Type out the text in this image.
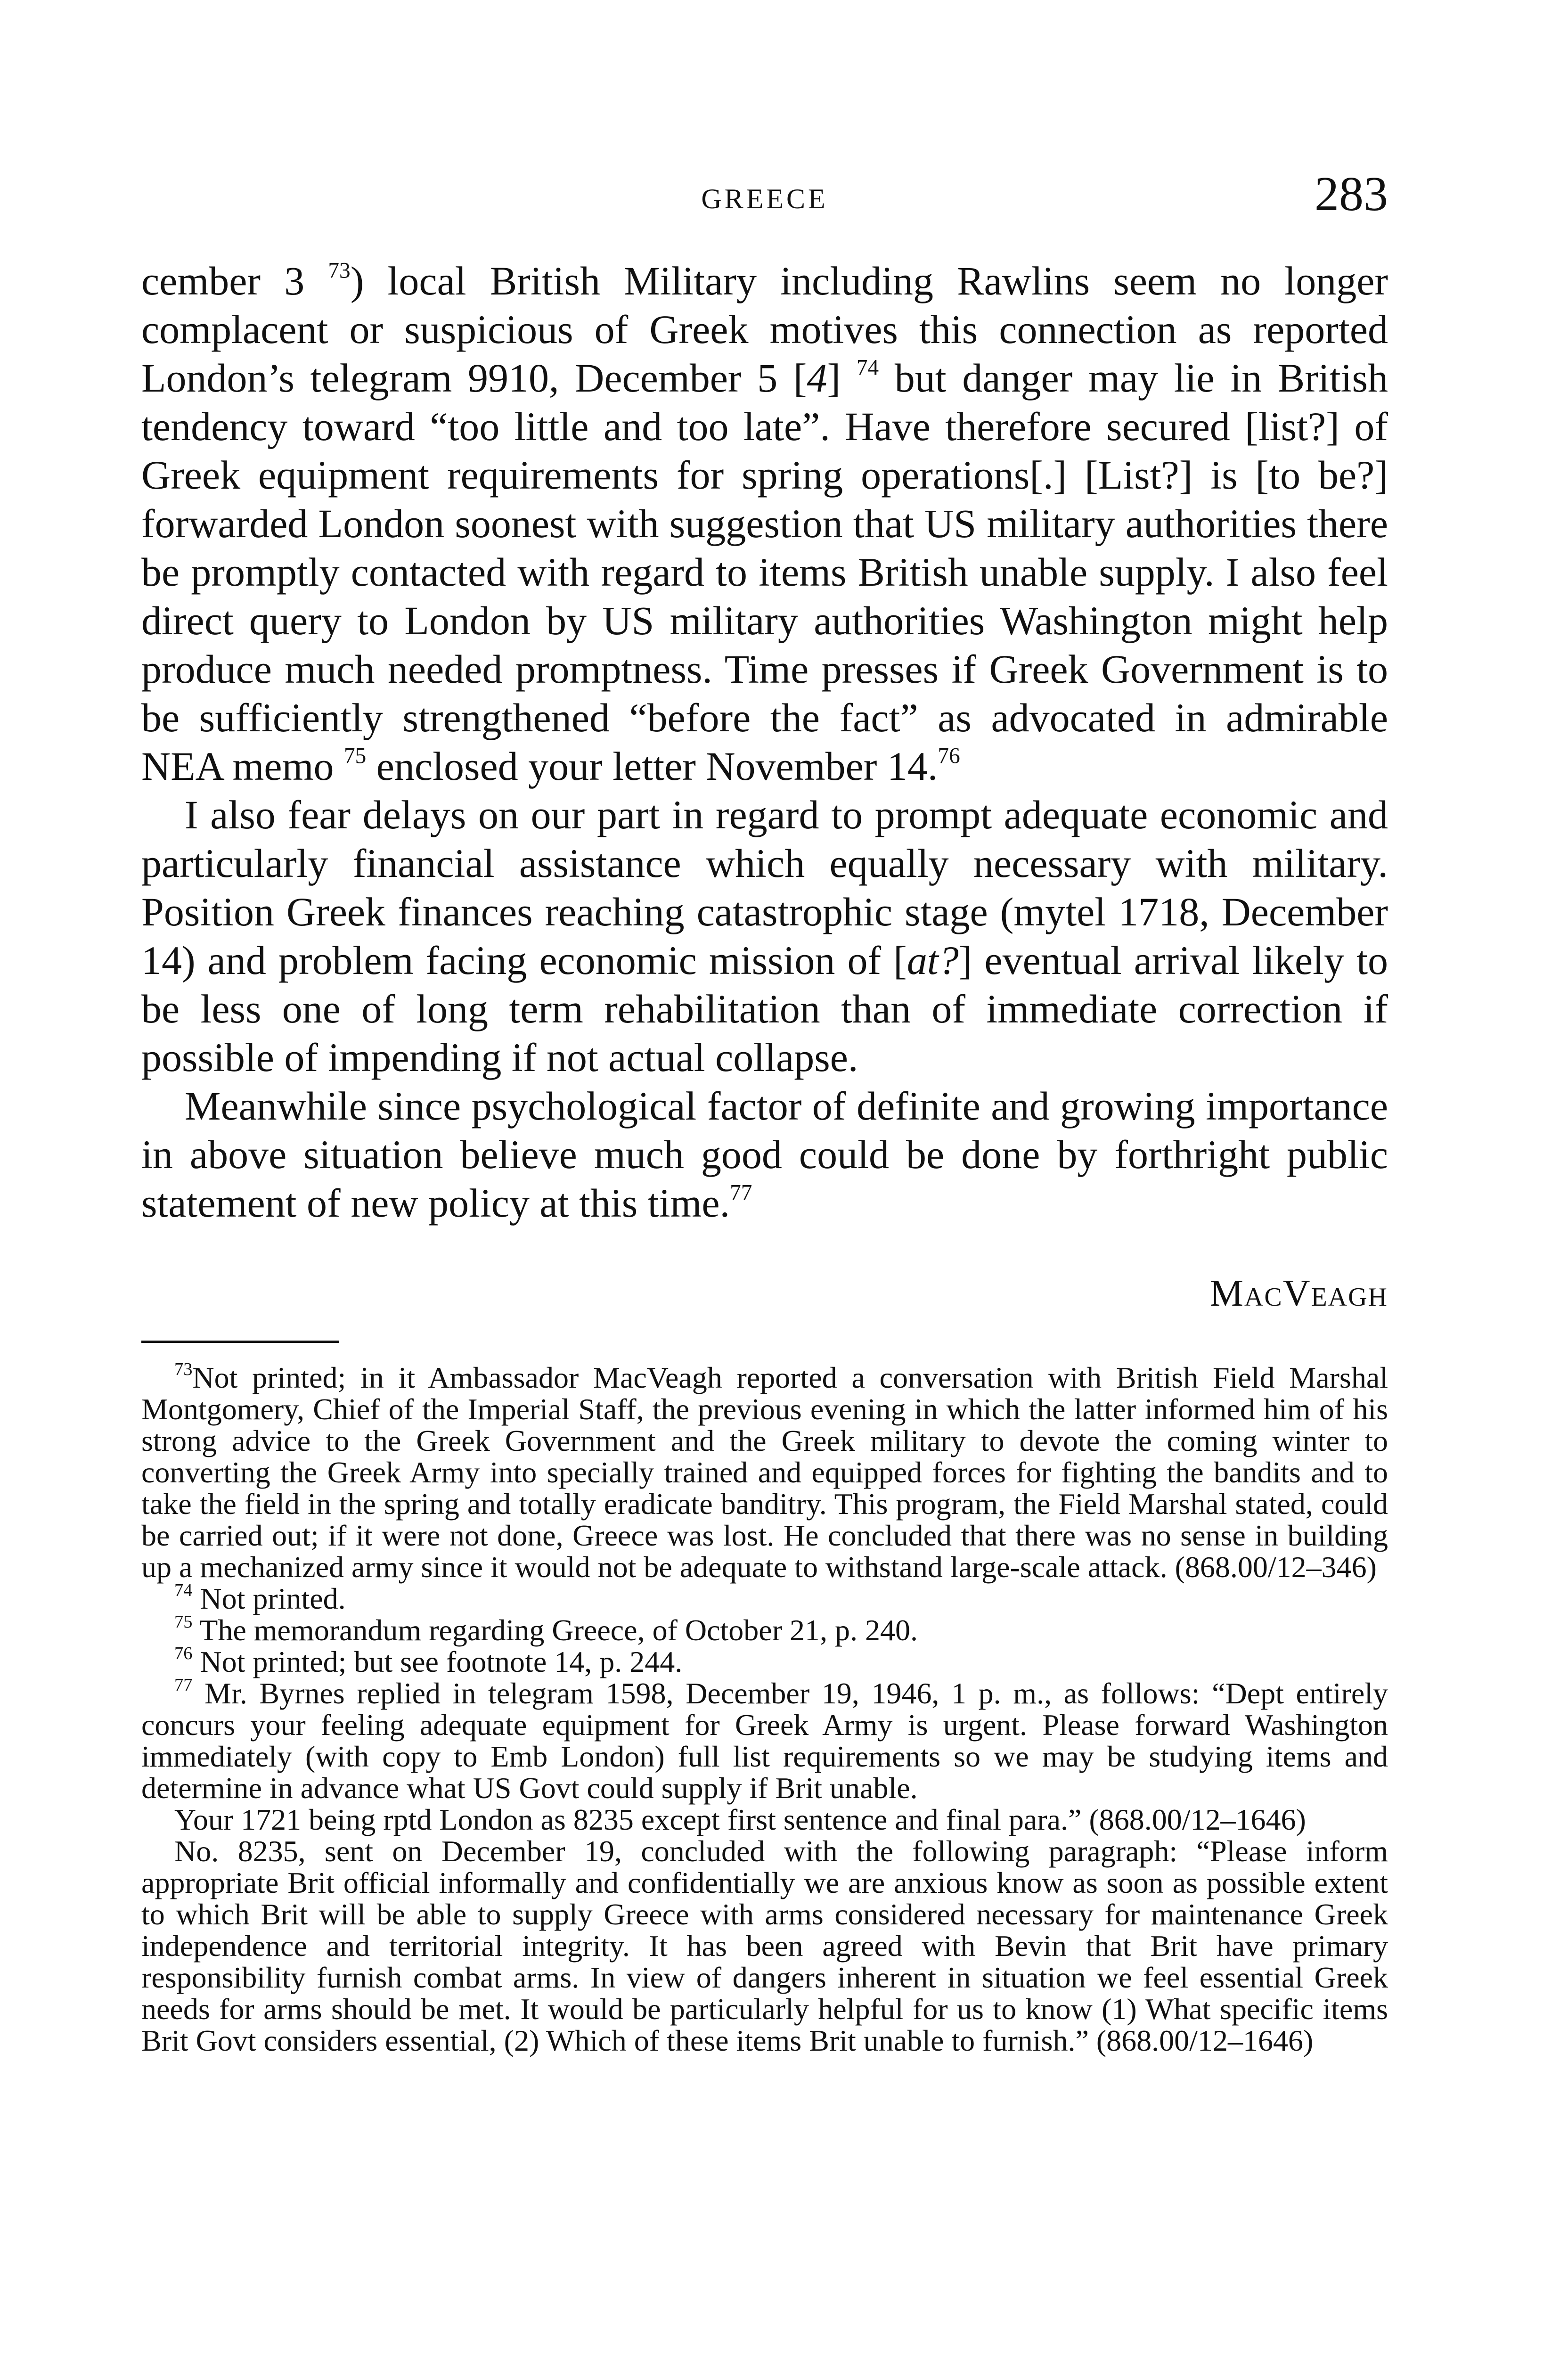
GREECE	283

cember 3 $^{73}$) local British Military including Rawlins seem no longer complacent or suspicious of Greek motives this connection as reported London’s telegram 9910, December 5 [4] $^{74}$ but danger may lie in British tendency toward “too little and too late”. Have therefore secured [list?] of Greek equipment requirements for spring operations[.] [List?] is [to be?] forwarded London soonest with suggestion that US military authorities there be promptly contacted with regard to items British unable supply. I also feel direct query to London by US military authorities Washington might help produce much needed promptness. Time presses if Greek Government is to be sufficiently strengthened “before the fact” as advocated in admirable NEA memo $^{75}$ enclosed your letter November 14.76

I also fear delays on our part in regard to prompt adequate economic and particularly financial assistance which equally necessary with military. Position Greek finances reaching catastrophic stage (mytel 1718, December 14) and problem facing economic mission of [at?] eventual arrival likely to be less one of long term rehabilitation than of immediate correction if possible of impending if not actual collapse.

Meanwhile since psychological factor of definite and growing importance in above situation believe much good could be done by forthright public statement of new policy at this time.$^{77}$

MacVeagh

$^{73}$Not printed; in it Ambassador MacVeagh reported a conversation with British Field Marshal Montgomery, Chief of the Imperial Staff, the previous evening in which the latter informed him of his strong advice to the Greek Government and the Greek military to devote the coming winter to converting the Greek Army into specially trained and equipped forces for fighting the bandits and to take the field in the spring and totally eradicate banditry. This program, the Field Marshal stated, could be carried out; if it were not done, Greece was lost. He concluded that there was no sense in building up a mechanized army since it would not be adequate to withstand large-scale attack. (868.00/12–346)

$^{74}$ Not printed.

$^{75}$ The memorandum regarding Greece, of October 21, p. 240.

$^{76}$ Not printed; but see footnote 14, p. 244.

$^{77}$ Mr. Byrnes replied in telegram 1598, December 19, 1946, 1 p. m., as follows: “Dept entirely concurs your feeling adequate equipment for Greek Army is urgent. Please forward Washington immediately (with copy to Emb London) full list requirements so we may be studying items and determine in advance what US Govt could supply if Brit unable.

Your 1721 being rptd London as 8235 except first sentence and final para.” (868.00/12–1646)

No. 8235, sent on December 19, concluded with the following paragraph: “Please inform appropriate Brit official informally and confidentially we are anxious know as soon as possible extent to which Brit will be able to supply Greece with arms considered necessary for maintenance Greek independence and territorial integrity. It has been agreed with Bevin that Brit have primary responsibility furnish combat arms. In view of dangers inherent in situation we feel essential Greek needs for arms should be met. It would be particularly helpful for us to know (1) What specific items Brit Govt considers essential, (2) Which of these items Brit unable to furnish.” (868.00/12–1646)
